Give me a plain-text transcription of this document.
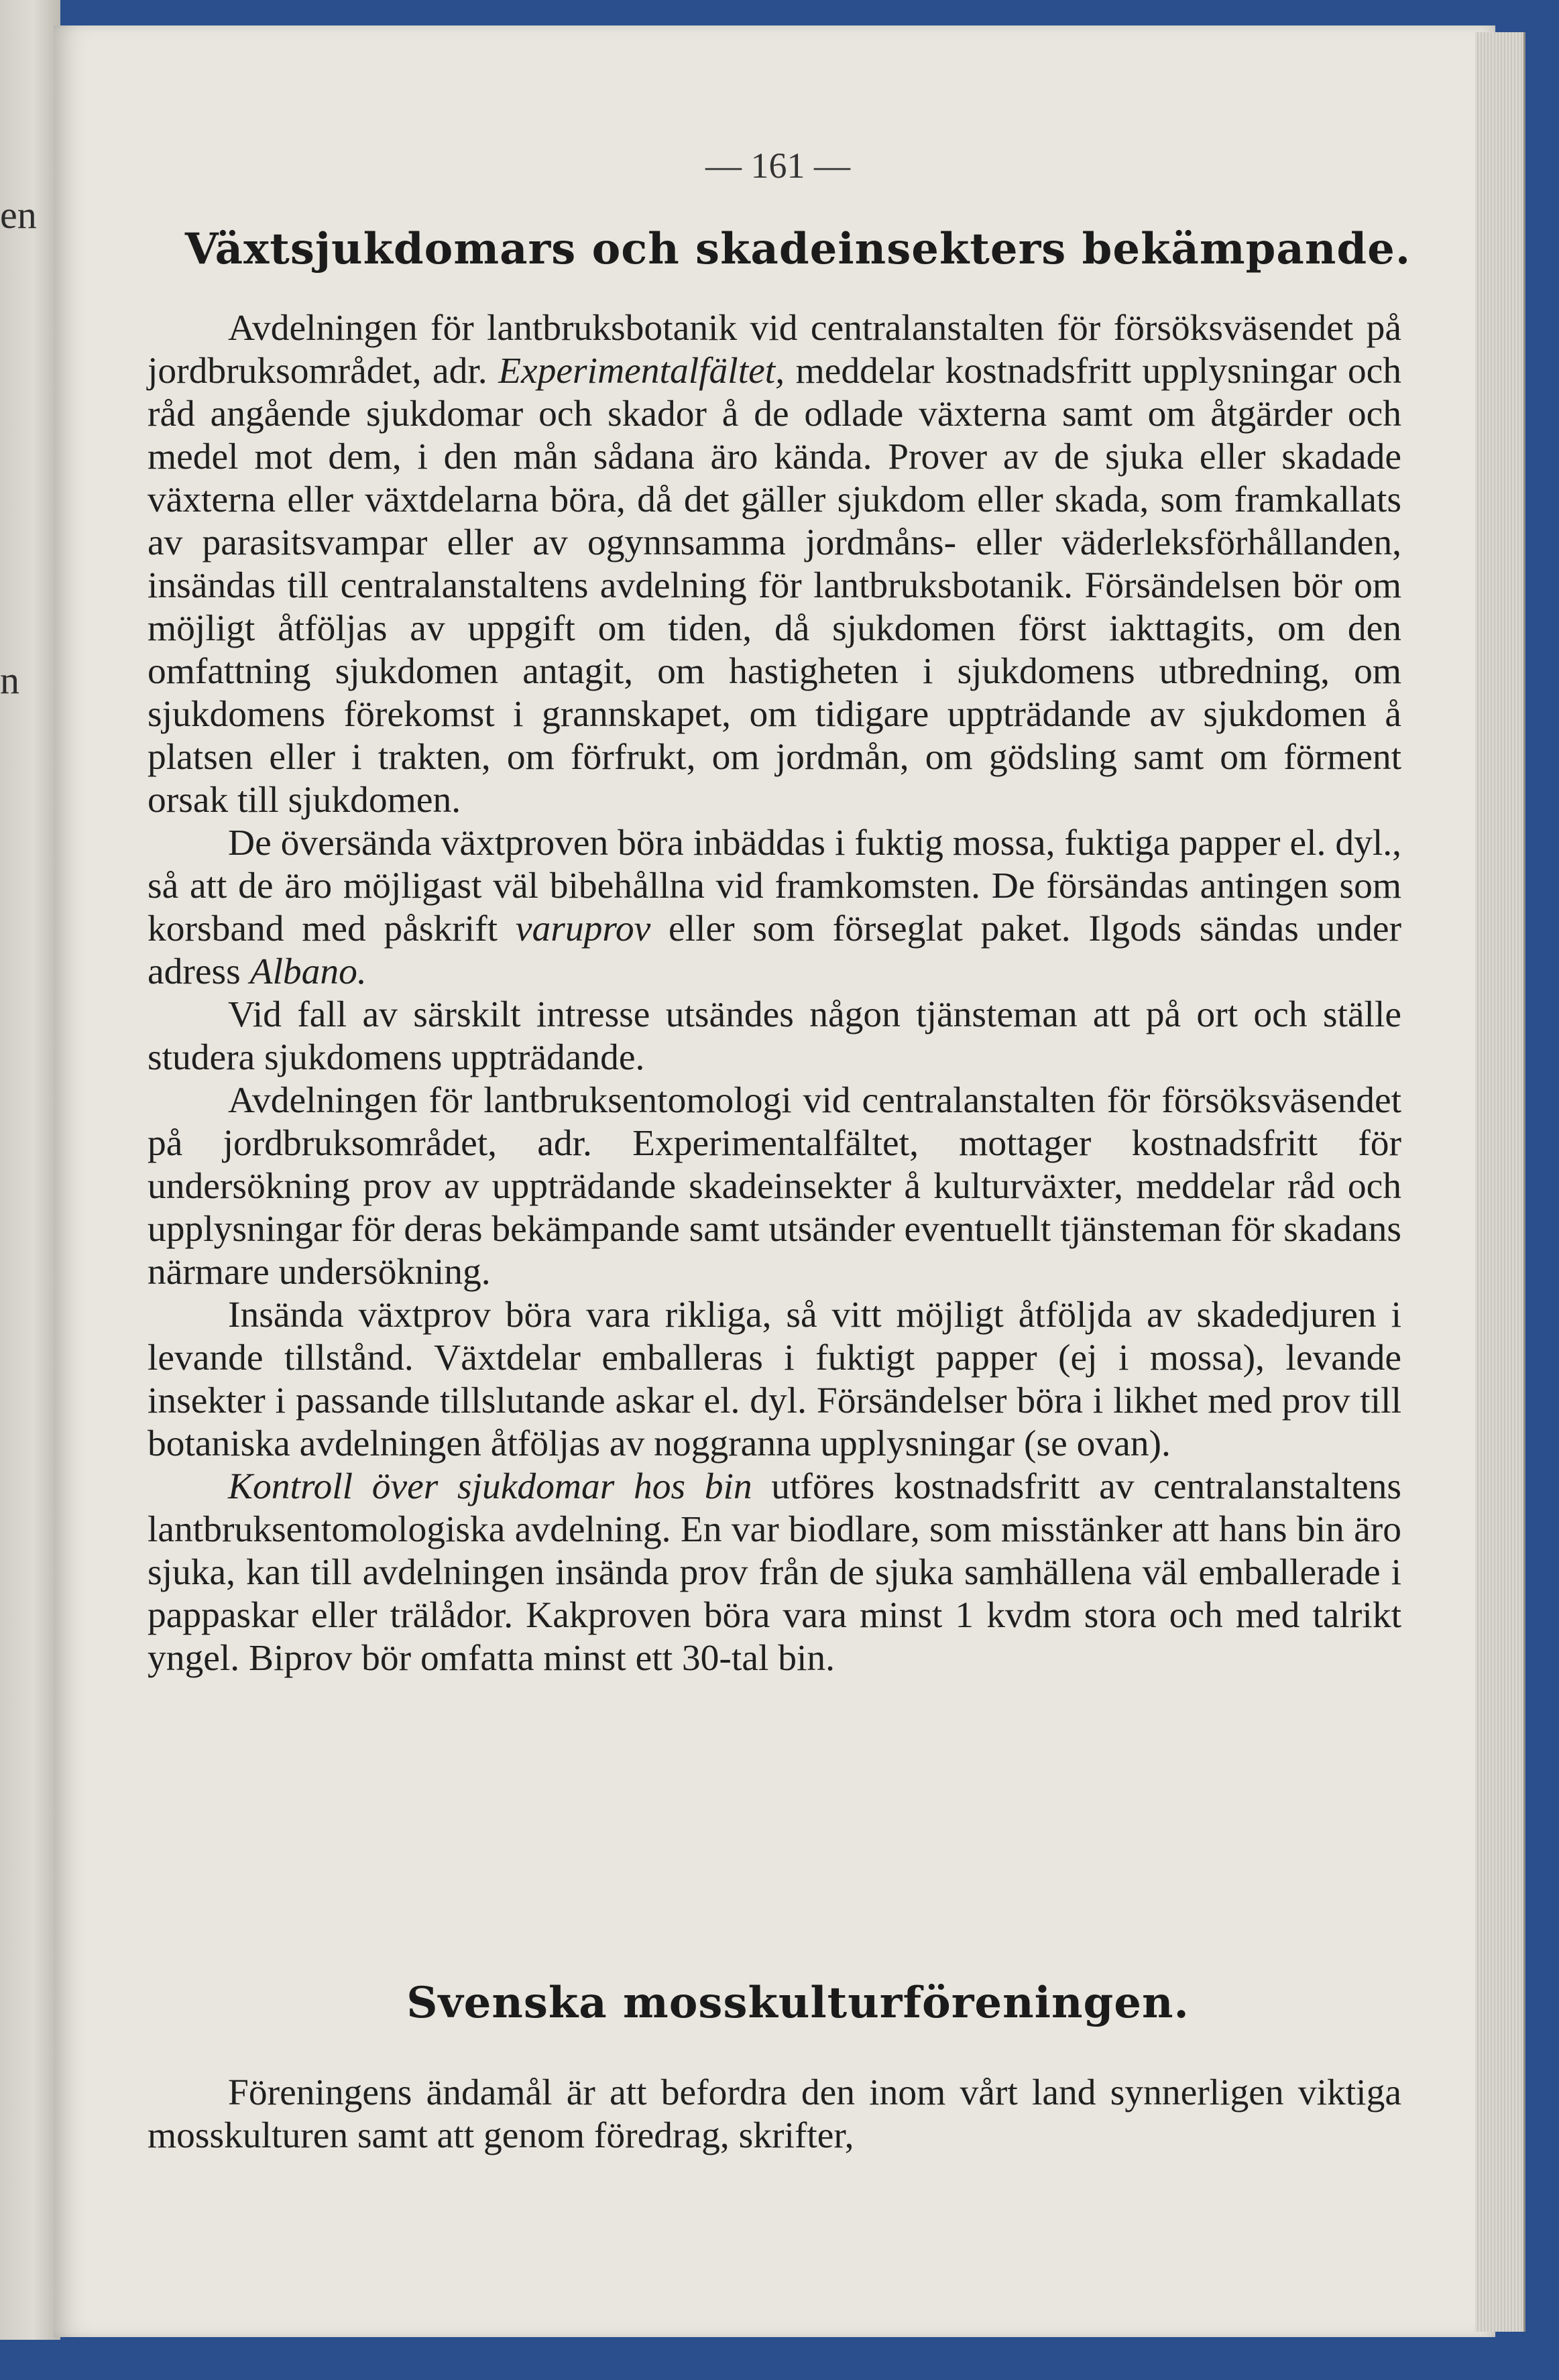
en
n
— 161 —
Växtsjukdomars och skadeinsekters bekämpande.

Avdelningen för lantbruksbotanik vid centralanstalten för försöksväsendet på jordbruksområdet, adr. Experimentalfältet, meddelar kostnadsfritt upplysningar och råd angående sjukdomar och skador å de odlade växterna samt om åtgärder och medel mot dem, i den mån sådana äro kända. Prover av de sjuka eller skadade växterna eller växtdelarna böra, då det gäller sjukdom eller skada, som framkallats av parasitsvampar eller av ogynnsamma jordmåns- eller väderleksförhållanden, insändas till centralanstaltens avdelning för lantbruksbotanik. Försändelsen bör om möjligt åtföljas av uppgift om tiden, då sjukdomen först iakttagits, om den omfattning sjukdomen antagit, om hastigheten i sjukdomens utbredning, om sjukdomens förekomst i grannskapet, om tidigare uppträdande av sjukdomen å platsen eller i trakten, om förfrukt, om jordmån, om gödsling samt om förment orsak till sjukdomen.

De översända växtproven böra inbäddas i fuktig mossa, fuktiga papper el. dyl., så att de äro möjligast väl bibehållna vid framkomsten. De försändas antingen som korsband med påskrift varuprov eller som förseglat paket. Ilgods sändas under adress Albano.

Vid fall av särskilt intresse utsändes någon tjänsteman att på ort och ställe studera sjukdomens uppträdande.

Avdelningen för lantbruksentomologi vid centralanstalten för försöksväsendet på jordbruksområdet, adr. Experimentalfältet, mottager kostnadsfritt för undersökning prov av uppträdande skadeinsekter å kulturväxter, meddelar råd och upplysningar för deras bekämpande samt utsänder eventuellt tjänsteman för skadans närmare undersökning.

Insända växtprov böra vara rikliga, så vitt möjligt åtföljda av skadedjuren i levande tillstånd. Växtdelar emballeras i fuktigt papper (ej i mossa), levande insekter i passande tillslutande askar el. dyl. Försändelser böra i likhet med prov till botaniska avdelningen åtföljas av noggranna upplysningar (se ovan).

Kontroll över sjukdomar hos bin utföres kostnadsfritt av centralanstaltens lantbruksentomologiska avdelning. En var biodlare, som misstänker att hans bin äro sjuka, kan till avdelningen insända prov från de sjuka samhällena väl emballerade i pappaskar eller trälådor. Kakproven böra vara minst 1 kvdm stora och med talrikt yngel. Biprov bör omfatta minst ett 30-tal bin.

Svenska mosskulturföreningen.

Föreningens ändamål är att befordra den inom vårt land synnerligen viktiga mosskulturen samt att genom föredrag, skrifter,
